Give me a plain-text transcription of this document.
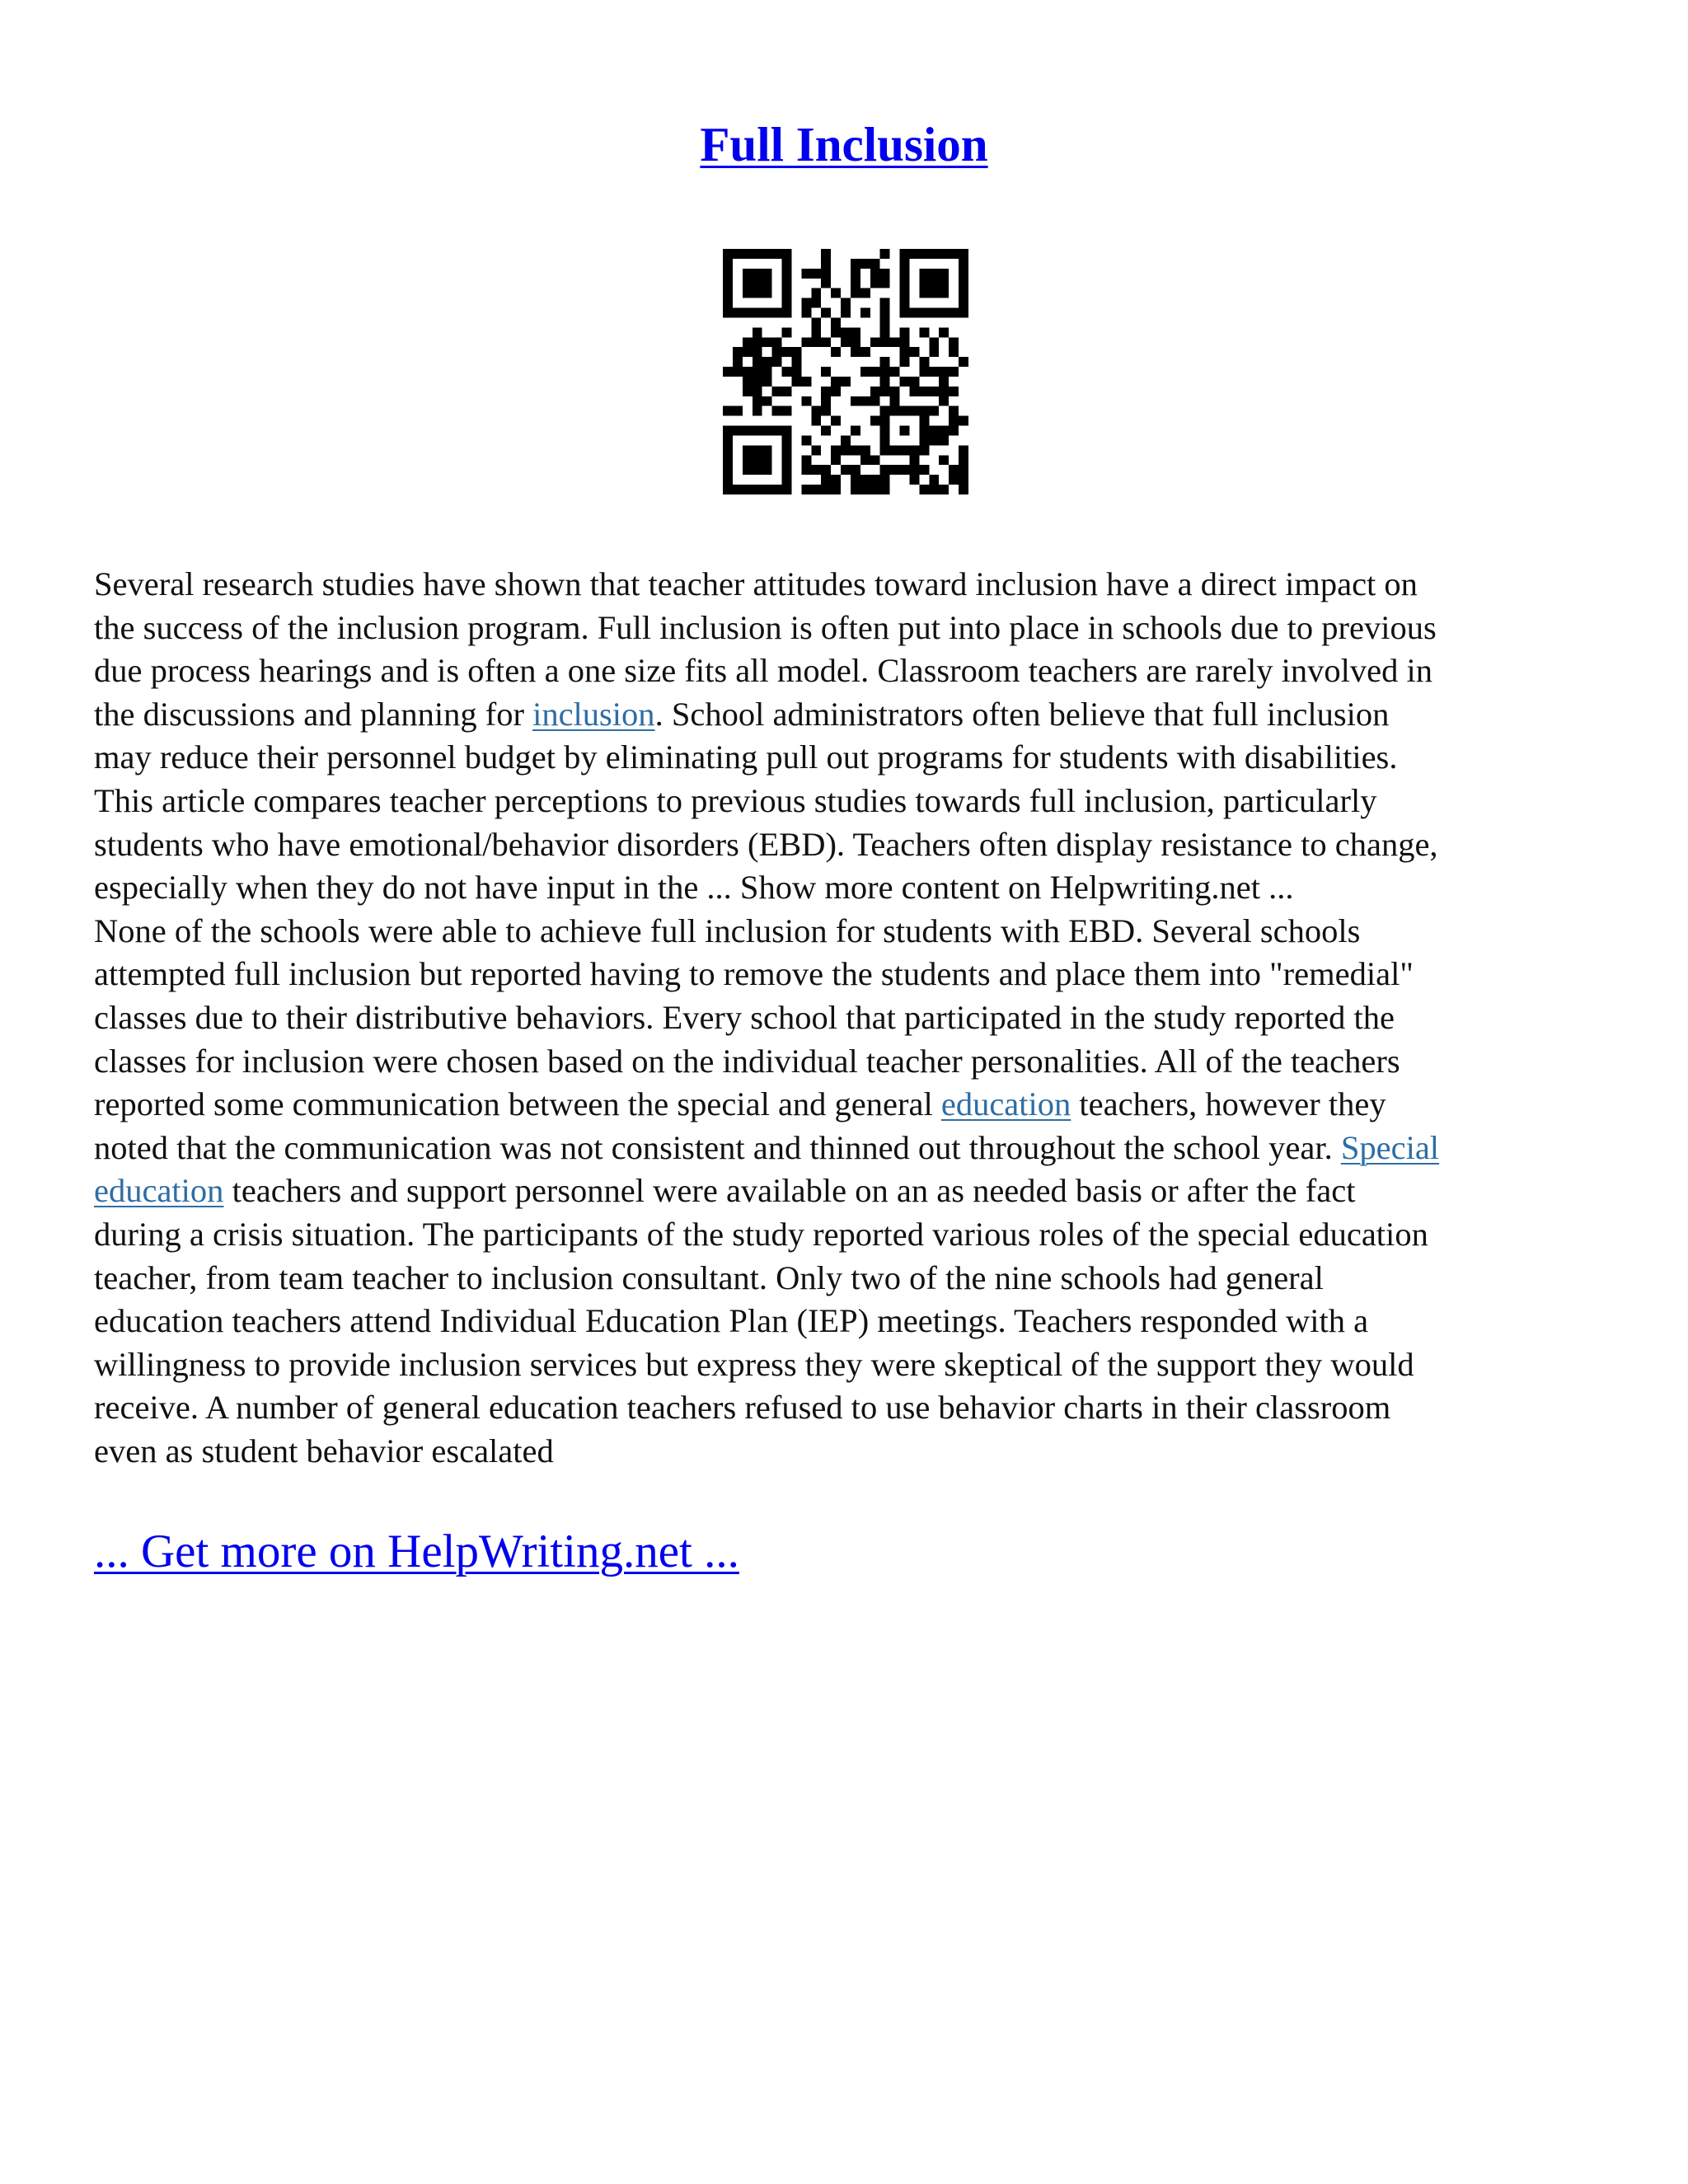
Full Inclusion
Several research studies have shown that teacher attitudes toward inclusion have a direct impact on
the success of the inclusion program. Full inclusion is often put into place in schools due to previous
due process hearings and is often a one size fits all model. Classroom teachers are rarely involved in
the discussions and planning for inclusion. School administrators often believe that full inclusion
may reduce their personnel budget by eliminating pull out programs for students with disabilities.
This article compares teacher perceptions to previous studies towards full inclusion, particularly
students who have emotional/behavior disorders (EBD). Teachers often display resistance to change,
especially when they do not have input in the ... Show more content on Helpwriting.net ...
None of the schools were able to achieve full inclusion for students with EBD. Several schools
attempted full inclusion but reported having to remove the students and place them into "remedial"
classes due to their distributive behaviors. Every school that participated in the study reported the
classes for inclusion were chosen based on the individual teacher personalities. All of the teachers
reported some communication between the special and general education teachers, however they
noted that the communication was not consistent and thinned out throughout the school year. Special
education teachers and support personnel were available on an as needed basis or after the fact
during a crisis situation. The participants of the study reported various roles of the special education
teacher, from team teacher to inclusion consultant. Only two of the nine schools had general
education teachers attend Individual Education Plan (IEP) meetings. Teachers responded with a
willingness to provide inclusion services but express they were skeptical of the support they would
receive. A number of general education teachers refused to use behavior charts in their classroom
even as student behavior escalated

... Get more on HelpWriting.net ...
